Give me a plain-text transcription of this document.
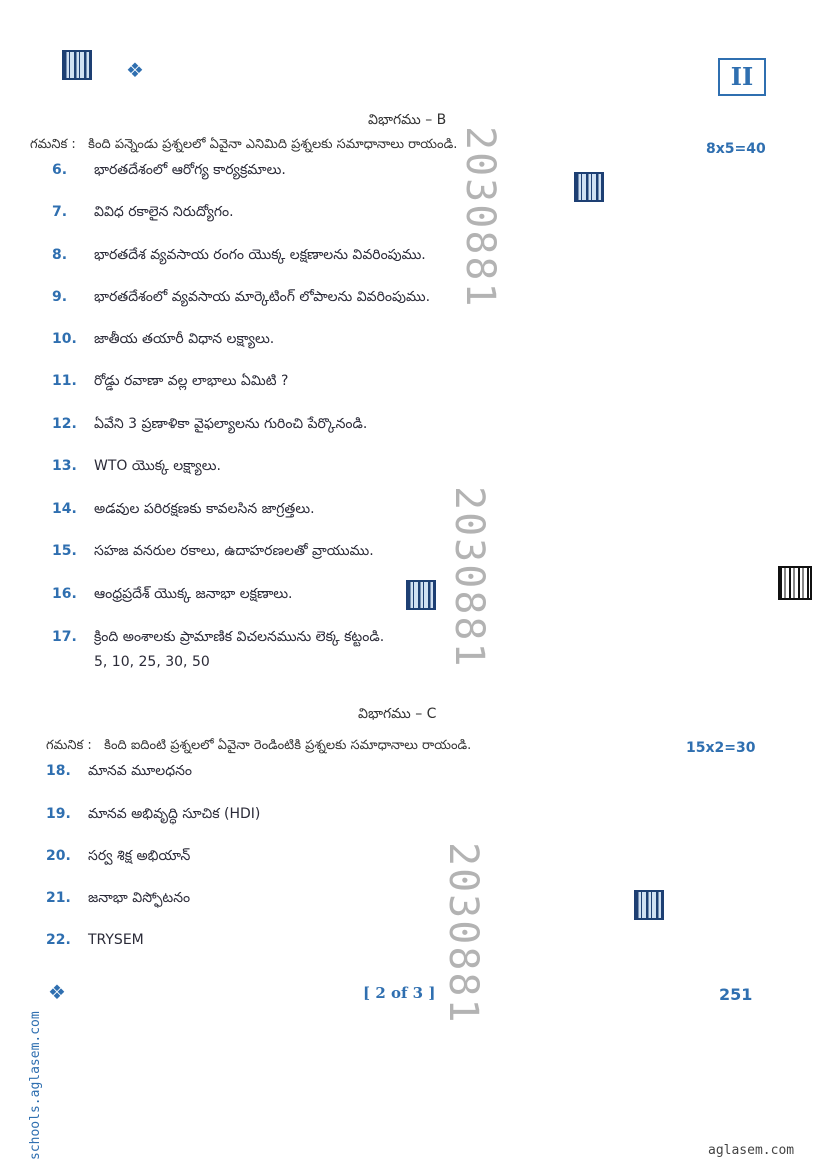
❖	II
విభాగము – B
గమనిక : కింది పన్నెండు ప్రశ్నలలో ఏవైనా ఎనిమిది ప్రశ్నలకు సమాధానాలు రాయండి.	8x5=40
6. భారతదేశంలో ఆరోగ్య కార్యక్రమాలు.
7. వివిధ రకాలైన నిరుద్యోగం.
8. భారతదేశ వ్యవసాయ రంగం యొక్క లక్షణాలను వివరింపుము.
9. భారతదేశంలో వ్యవసాయ మార్కెటింగ్ లోపాలను వివరింపుము.
10. జాతీయ తయారీ విధాన లక్ష్యాలు.
11. రోడ్డు రవాణా వల్ల లాభాలు ఏమిటి ?
12. ఏవేని 3 ప్రణాళికా వైఫల్యాలను గురించి పేర్కొనండి.
13. WTO యొక్క లక్ష్యాలు.
14. అడవుల పరిరక్షణకు కావలసిన జాగ్రత్తలు.
15. సహజ వనరుల రకాలు, ఉదాహరణలతో వ్రాయుము.
16. ఆంధ్రప్రదేశ్ యొక్క జనాభా లక్షణాలు.
17. క్రింది అంశాలకు ప్రామాణిక విచలనమును లెక్క కట్టండి.
5, 10, 25, 30, 50
విభాగము – C
గమనిక : కింది ఐదింటి ప్రశ్నలలో ఏవైనా రెండింటికి ప్రశ్నలకు సమాధానాలు రాయండి.	15x2=30
18. మానవ మూలధనం
19. మానవ అభివృద్ధి సూచిక (HDI)
20. సర్వ శిక్ష అభియాన్
21. జనాభా విస్ఫోటనం
22. TRYSEM
2030881
2030881
2030881
❖	[ 2 of 3 ]	251
schools.aglasem.com	aglasem.com
